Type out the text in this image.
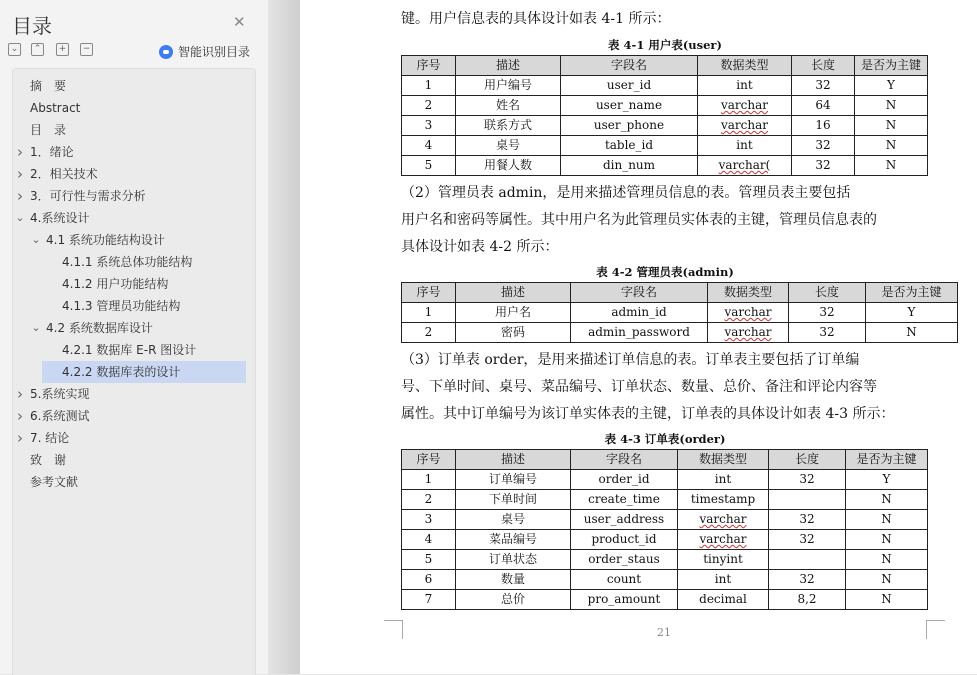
目录	✕
⌄	⌃	+	−	智能识别目录
摘　要
Abstract
目　录
› 1．绪论
› 2．相关技术
› 3．可行性与需求分析
⌄ 4.系统设计
⌄ 4.1 系统功能结构设计
4.1.1 系统总体功能结构
4.1.2 用户功能结构
4.1.3 管理员功能结构
⌄ 4.2 系统数据库设计
4.2.1 数据库 E-R 图设计
4.2.2 数据库表的设计
› 5.系统实现
› 6.系统测试
› 7. 结论
致　谢
参考文献
键。用户信息表的具体设计如表 4-1 所示：
表 4-1 用户表(user)
序号	描述	字段名	数据类型	长度	是否为主键
1	用户编号	user_id	int	32	Y
2	姓名	user_name	varchar	64	N
3	联系方式	user_phone	varchar	16	N
4	桌号	table_id	int	32	N
5	用餐人数	din_num	varchar(	32	N
（2）管理员表 admin，是用来描述管理员信息的表。管理员表主要包括
用户名和密码等属性。其中用户名为此管理员实体表的主键，管理员信息表的
具体设计如表 4-2 所示：
表 4-2 管理员表(admin)
序号	描述	字段名	数据类型	长度	是否为主键
1	用户名	admin_id	varchar	32	Y
2	密码	admin_password	varchar	32	N
（3）订单表 order，是用来描述订单信息的表。订单表主要包括了订单编
号、下单时间、桌号、菜品编号、订单状态、数量、总价、备注和评论内容等
属性。其中订单编号为该订单实体表的主键，订单表的具体设计如表 4-3 所示：
表 4-3 订单表(order)
序号	描述	字段名	数据类型	长度	是否为主键
1	订单编号	order_id	int	32	Y
2	下单时间	create_time	timestamp		N
3	桌号	user_address	varchar	32	N
4	菜品编号	product_id	varchar	32	N
5	订单状态	order_staus	tinyint		N
6	数量	count	int	32	N
7	总价	pro_amount	decimal	8,2	N
21
